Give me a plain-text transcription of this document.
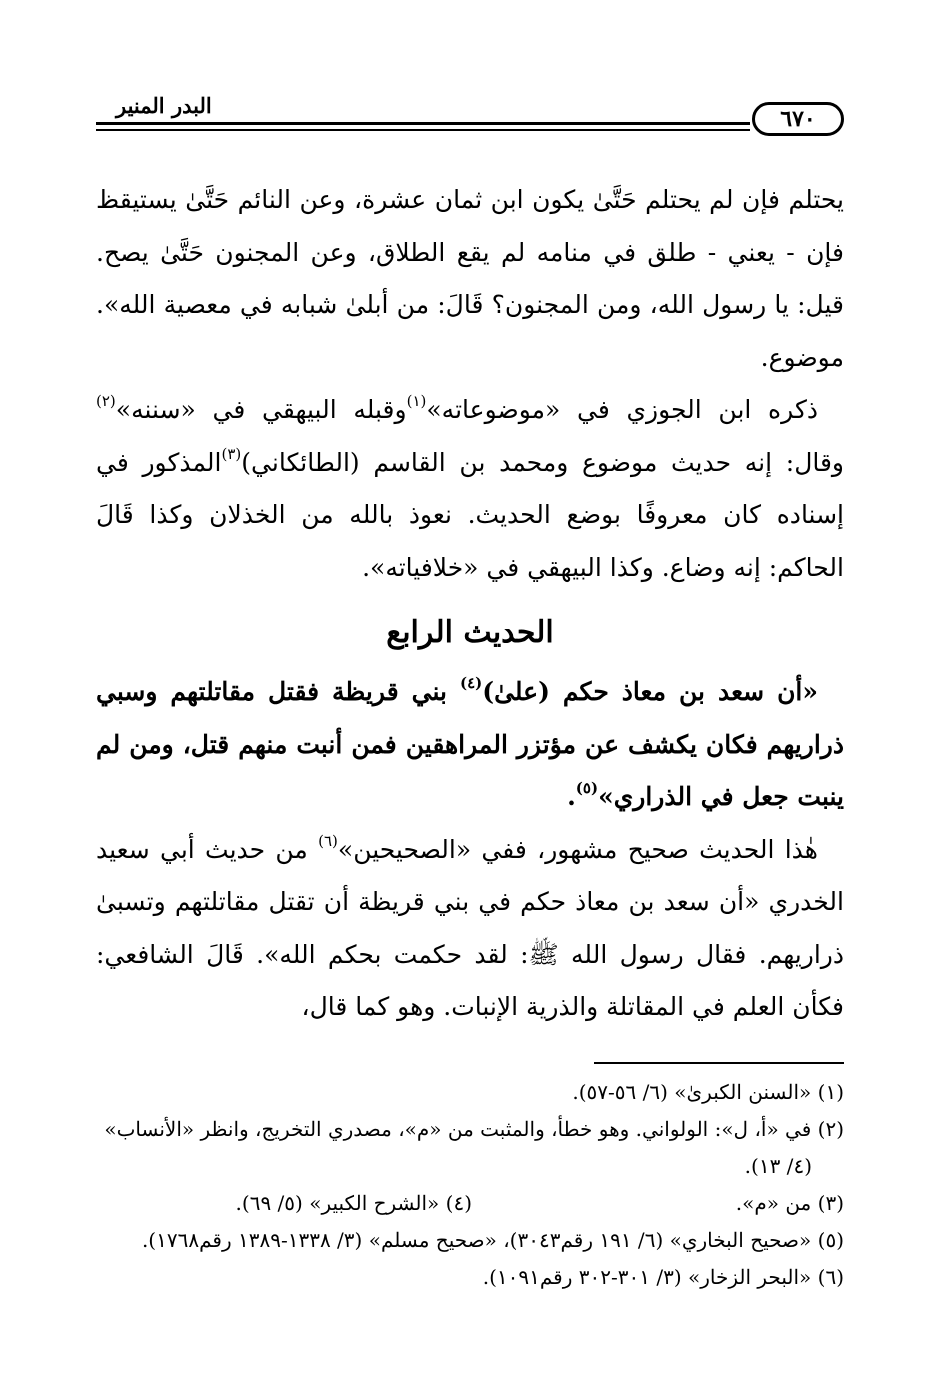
٦٧٠
البدر المنير

يحتلم فإن لم يحتلم حَتَّىٰ يكون ابن ثمان عشرة، وعن النائم حَتَّىٰ يستيقظ فإن - يعني - طلق في منامه لم يقع الطلاق، وعن المجنون حَتَّىٰ يصح. قيل: يا رسول الله، ومن المجنون؟ قَالَ: من أبلىٰ شبابه في معصية الله». موضوع.

ذكره ابن الجوزي في «موضوعاته»$^{(١)}$وقبله البيهقي في «سننه»$^{(٢)}$ وقال: إنه حديث موضوع ومحمد بن القاسم (الطائكاني)$^{(٣)}$المذكور في إسناده كان معروفًا بوضع الحديث. نعوذ بالله من الخذلان وكذا قَالَ الحاكم: إنه وضاع. وكذا البيهقي في «خلافياته».

الحديث الرابع

«أن سعد بن معاذ حكم (علىٰ)$^{(٤)}$ بني قريظة فقتل مقاتلتهم وسبي ذراريهم فكان يكشف عن مؤتزر المراهقين فمن أنبت منهم قتل، ومن لم ينبت جعل في الذراري»$^{(٥)}$.

هٰذا الحديث صحيح مشهور، ففي «الصحيحين»$^{(٦)}$ من حديث أبي سعيد الخدري «أن سعد بن معاذ حكم في بني قريظة أن تقتل مقاتلتهم وتسبىٰ ذراريهم. فقال رسول الله ﷺ: لقد حكمت بحكم الله». قَالَ الشافعي: فكأن العلم في المقاتلة والذرية الإنبات. وهو كما قال،

(١) «السنن الكبرىٰ» (٦/ ٥٦-٥٧).

(٢) في «أ، ل»: الولواني. وهو خطأ، والمثبت من «م»، مصدري التخريج، وانظر «الأنساب» (٤/ ١٣).

(٣) من «م».

(٤) «الشرح الكبير» (٥/ ٦٩).

(٥) «صحيح البخاري» (٦/ ١٩١ رقم٣٠٤٣)، «صحيح مسلم» (٣/ ١٣٣٨-١٣٨٩ رقم١٧٦٨).

(٦) «البحر الزخار» (٣/ ٣٠١-٣٠٢ رقم١٠٩١).
